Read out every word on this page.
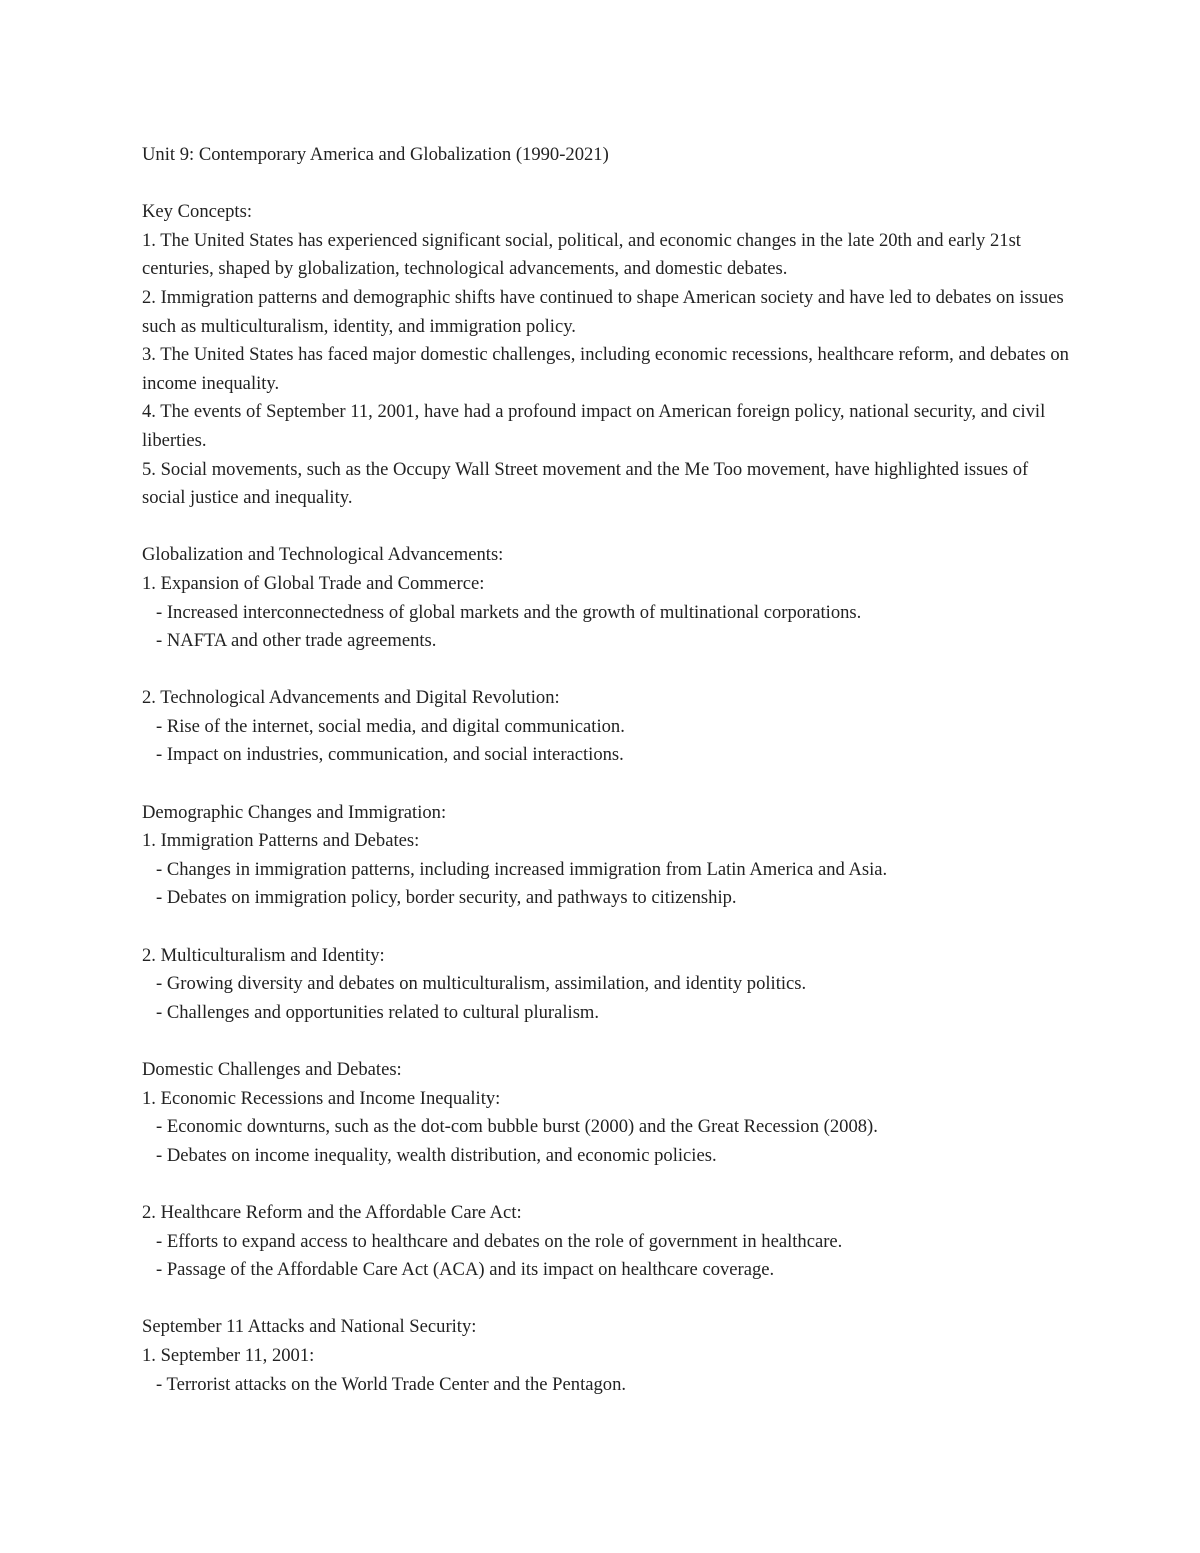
Unit 9: Contemporary America and Globalization (1990-2021)
Key Concepts:
1. The United States has experienced significant social, political, and economic changes in the late 20th and early 21st centuries, shaped by globalization, technological advancements, and domestic debates.
2. Immigration patterns and demographic shifts have continued to shape American society and have led to debates on issues such as multiculturalism, identity, and immigration policy.
3. The United States has faced major domestic challenges, including economic recessions, healthcare reform, and debates on income inequality.
4. The events of September 11, 2001, have had a profound impact on American foreign policy, national security, and civil liberties.
5. Social movements, such as the Occupy Wall Street movement and the Me Too movement, have highlighted issues of social justice and inequality.
Globalization and Technological Advancements:
1. Expansion of Global Trade and Commerce:
- Increased interconnectedness of global markets and the growth of multinational corporations.
- NAFTA and other trade agreements.
2. Technological Advancements and Digital Revolution:
- Rise of the internet, social media, and digital communication.
- Impact on industries, communication, and social interactions.
Demographic Changes and Immigration:
1. Immigration Patterns and Debates:
- Changes in immigration patterns, including increased immigration from Latin America and Asia.
- Debates on immigration policy, border security, and pathways to citizenship.
2. Multiculturalism and Identity:
- Growing diversity and debates on multiculturalism, assimilation, and identity politics.
- Challenges and opportunities related to cultural pluralism.
Domestic Challenges and Debates:
1. Economic Recessions and Income Inequality:
- Economic downturns, such as the dot-com bubble burst (2000) and the Great Recession (2008).
- Debates on income inequality, wealth distribution, and economic policies.
2. Healthcare Reform and the Affordable Care Act:
- Efforts to expand access to healthcare and debates on the role of government in healthcare.
- Passage of the Affordable Care Act (ACA) and its impact on healthcare coverage.
September 11 Attacks and National Security:
1. September 11, 2001:
- Terrorist attacks on the World Trade Center and the Pentagon.
